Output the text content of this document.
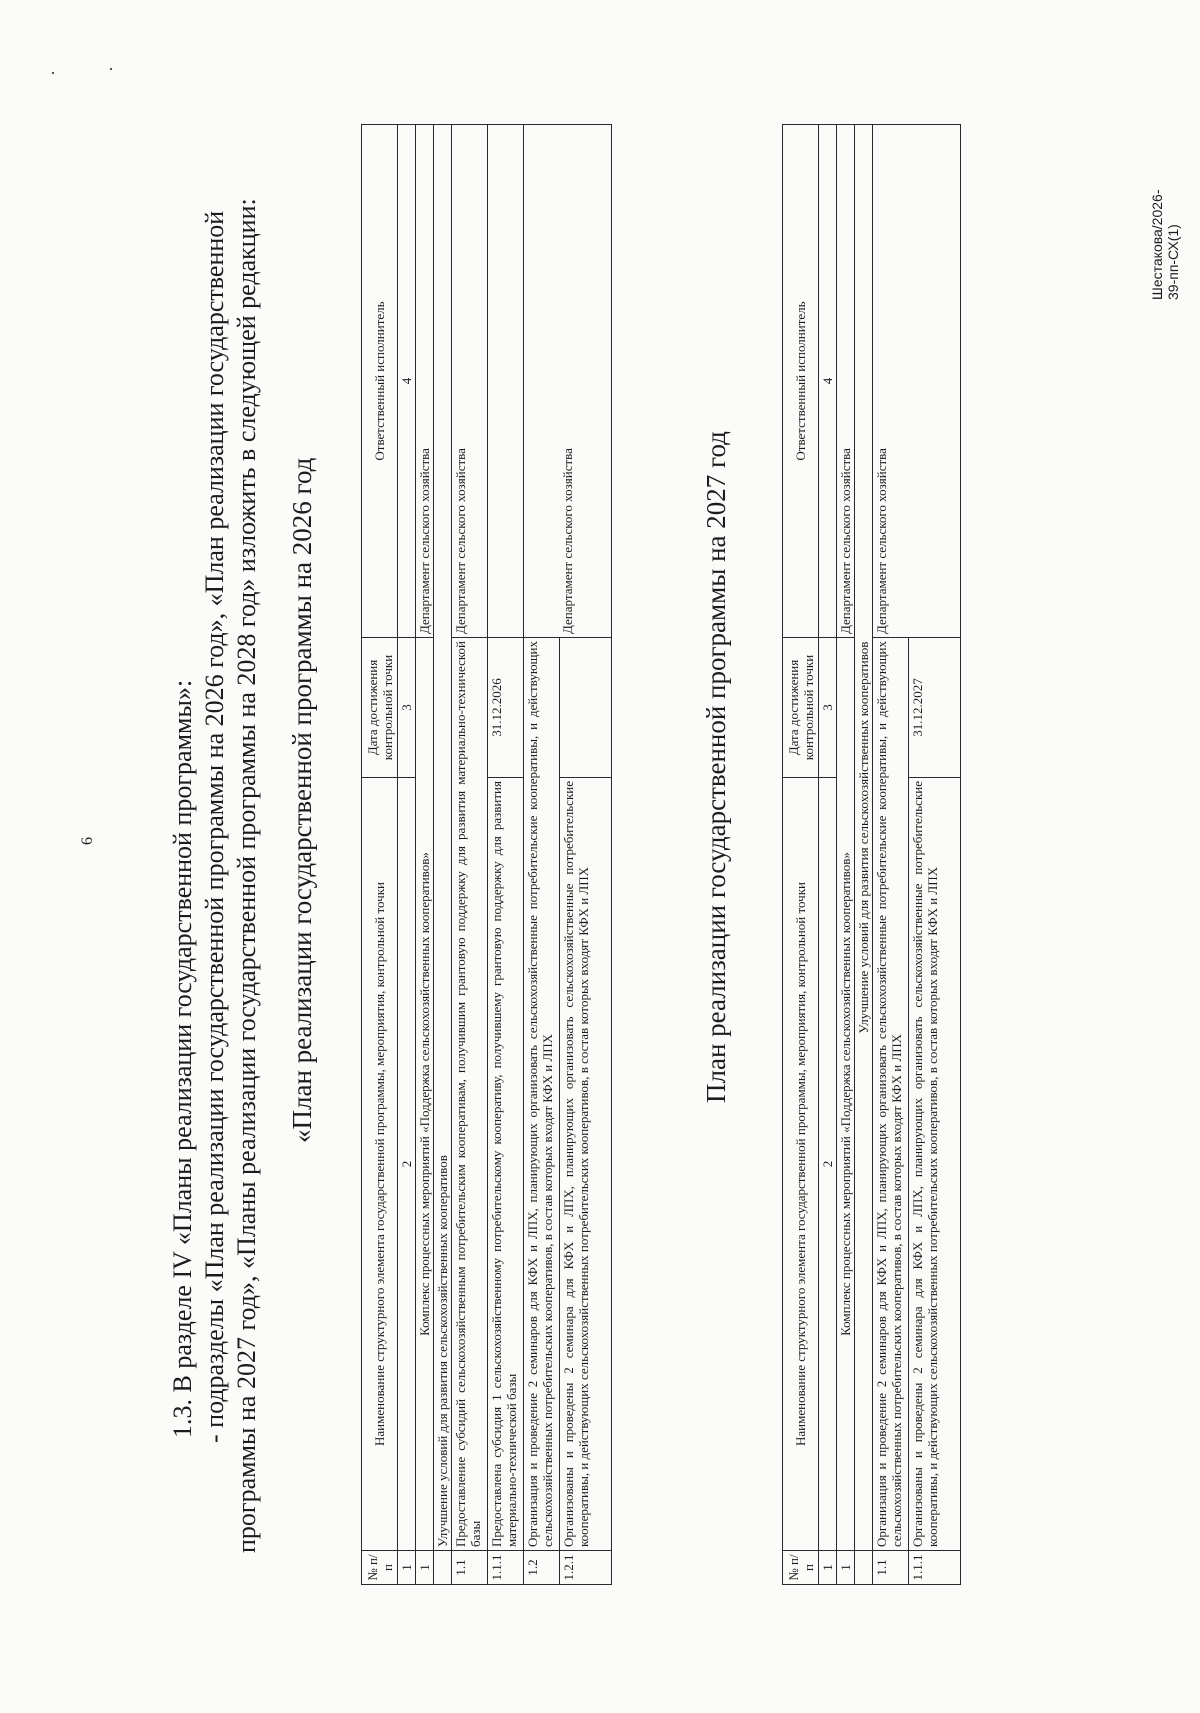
6
Шестакова/2026-39-пп-СХ(1)
1.3. В разделе IV «Планы реализации государственной программы»: - подразделы «План реализации государственной программы на 2026 год», «План реализации государственной программы на 2027 год», «Планы реализации государственной программы на 2028 год» изложить в следующей редакции: «План реализации государственной программы на 2026 год
№ п/п	Наименование структурного элемента государственной программы, мероприятия, контрольной точки	Дата достижения контрольной точки	Ответственный исполнитель
1	2	3	4
1	Комплекс процессных мероприятий «Поддержка сельскохозяйственных кооперативов»		Департамент сельского хозяйства
	Улучшение условий для развития сельскохозяйственных кооперативов		
1.1	Предоставление субсидий сельскохозяйственным потребительским кооперативам, получившим грантовую поддержку для развития материально-технической базы		Департамент сельского хозяйства
1.1.1	Предоставлена субсидия 1 сельскохозяйственному потребительскому кооперативу, получившему грантовую поддержку для развития материально-технической базы	31.12.2026	
1.2	Организация и проведение 2 семинаров для КФХ и ЛПХ, планирующих организовать сельскохозяйственные потребительские кооперативы, и действующих сельскохозяйственных потребительских кооперативов, в состав которых входят КФХ и ЛПХ		Департамент сельского хозяйства
1.2.1	Организованы и проведены 2 семинара для КФХ и ЛПХ, планирующих организовать сельскохозяйственные потребительские кооперативы, и действующих сельскохозяйственных потребительских кооперативов, в состав которых входят КФХ и ЛПХ		
План реализации государственной программы на 2027 год
№ п/п	Наименование структурного элемента государственной программы, мероприятия, контрольной точки	Дата достижения контрольной точки	Ответственный исполнитель
1	2	3	4
1	Комплекс процессных мероприятий «Поддержка сельскохозяйственных кооперативов»		Департамент сельского хозяйства
	Улучшение условий для развития сельскохозяйственных кооперативов		
1.1	Организация и проведение 2 семинаров для КФХ и ЛПХ, планирующих организовать сельскохозяйственные потребительские кооперативы, и действующих сельскохозяйственных потребительских кооперативов, в состав которых входят КФХ и ЛПХ		Департамент сельского хозяйства
1.1.1	Организованы и проведены 2 семинара для КФХ и ЛПХ, планирующих организовать сельскохозяйственные потребительские кооперативы, и действующих сельскохозяйственных потребительских кооперативов, в состав которых входят КФХ и ЛПХ	31.12.2027	
